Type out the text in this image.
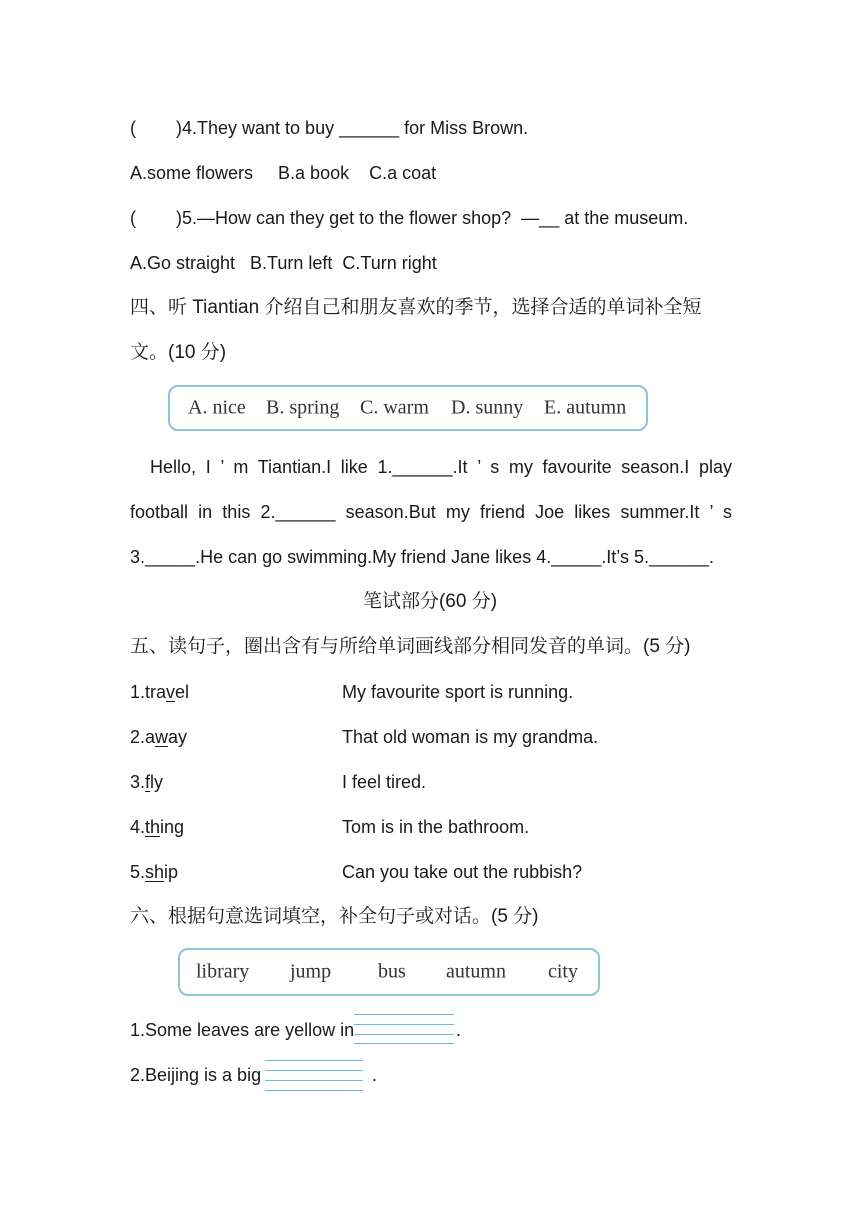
(        )4.They want to buy ______ for Miss Brown.
A.some flowers     B.a book    C.a coat
(        )5.—How can they get to the flower shop?  —__ at the museum.
A.Go straight   B.Turn left  C.Turn right
四、听 Tiantian 介绍自己和朋友喜欢的季节，选择合适的单词补全短
文。(10 分)
A. nice B. spring C. warm D. sunny E. autumn
Hello, I ’ m Tiantian.I like 1.______.It ’ s my favourite season.I play
football in this 2.______ season.But my friend Joe likes summer.It ’ s
3._____.He can go swimming.My friend Jane likes 4._____.It’s 5.______.
笔试部分(60 分)
五、读句子，圈出含有与所给单词画线部分相同发音的单词。(5 分)
1.travel	My favourite sport is running.
2.away	That old woman is my grandma.
3.fly	I feel tired.
4.thing	Tom is in the bathroom.
5.ship	Can you take out the rubbish?
六、根据句意选词填空，补全句子或对话。(5 分)
library jump bus autumn city
1.Some leaves are yellow in	.
2.Beijing is a big	.
